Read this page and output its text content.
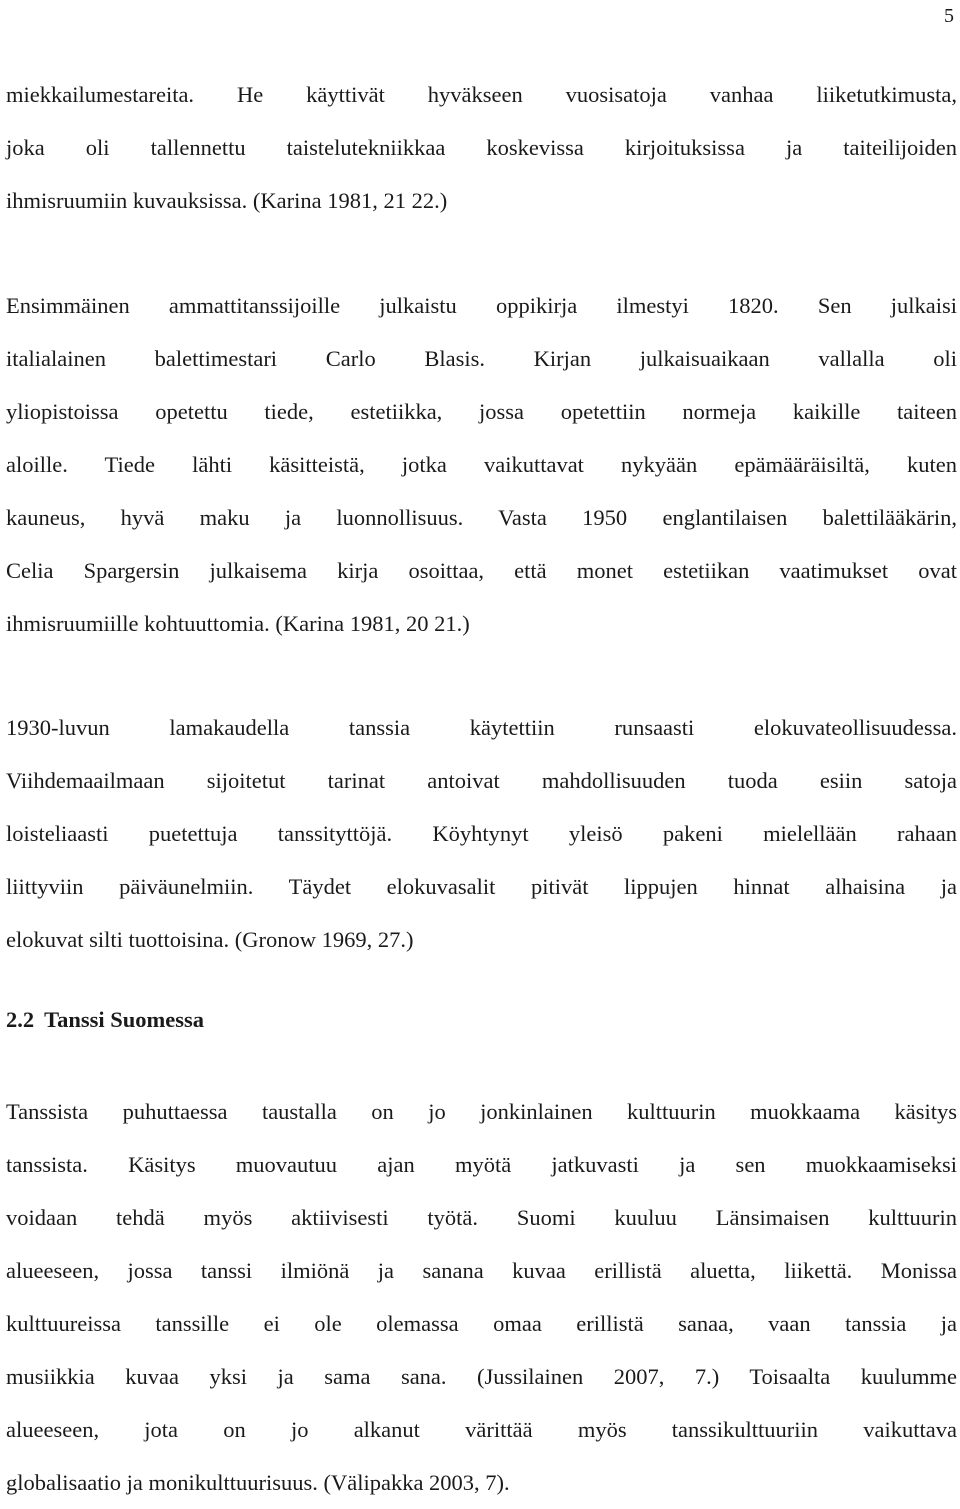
5
miekkailumestareita. He käyttivät hyväkseen vuosisatoja vanhaa liiketutkimusta,
joka oli tallennettu taistelutekniikkaa koskevissa kirjoituksissa ja taiteilijoiden
ihmisruumiin kuvauksissa. (Karina 1981, 21 22.)
Ensimmäinen ammattitanssijoille julkaistu oppikirja ilmestyi 1820. Sen julkaisi
italialainen balettimestari Carlo Blasis. Kirjan julkaisuaikaan vallalla oli
yliopistoissa opetettu tiede, estetiikka, jossa opetettiin normeja kaikille taiteen
aloille. Tiede lähti käsitteistä, jotka vaikuttavat nykyään epämääräisiltä, kuten
kauneus, hyvä maku ja luonnollisuus. Vasta 1950 englantilaisen balettilääkärin,
Celia Spargersin julkaisema kirja osoittaa, että monet estetiikan vaatimukset ovat
ihmisruumiille kohtuuttomia. (Karina 1981, 20 21.)
1930-luvun lamakaudella tanssia käytettiin runsaasti elokuvateollisuudessa.
Viihdemaailmaan sijoitetut tarinat antoivat mahdollisuuden tuoda esiin satoja
loisteliaasti puetettuja tanssityttöjä. Köyhtynyt yleisö pakeni mielellään rahaan
liittyviin päiväunelmiin. Täydet elokuvasalit pitivät lippujen hinnat alhaisina ja
elokuvat silti tuottoisina. (Gronow 1969, 27.)
2.2 Tanssi Suomessa
Tanssista puhuttaessa taustalla on jo jonkinlainen kulttuurin muokkaama käsitys
tanssista. Käsitys muovautuu ajan myötä jatkuvasti ja sen muokkaamiseksi
voidaan tehdä myös aktiivisesti työtä. Suomi kuuluu Länsimaisen kulttuurin
alueeseen, jossa tanssi ilmiönä ja sanana kuvaa erillistä aluetta, liikettä. Monissa
kulttuureissa tanssille ei ole olemassa omaa erillistä sanaa, vaan tanssia ja
musiikkia kuvaa yksi ja sama sana. (Jussilainen 2007, 7.) Toisaalta kuulumme
alueeseen, jota on jo alkanut värittää myös tanssikulttuuriin vaikuttava
globalisaatio ja monikulttuurisuus. (Välipakka 2003, 7).
